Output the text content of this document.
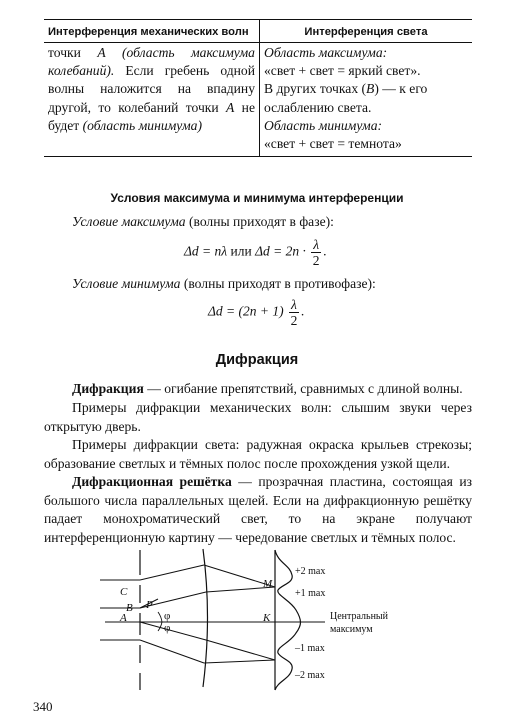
Интерференция механических волн	Интерференция света
точки A (область максимума колебаний). Если гребень одной волны наложится на впадину другой, то колебаний точки A не будет (область минимума)	Область максимума:
«свет + свет = яркий свет».
В других точках (B) — к его ослаблению света.
Область минимума:
«свет + свет = темнота»
Условия максимума и минимума интерференции
Условие максимума (волны приходят в фазе):
Δd = nλ или $\Delta d = 2n \cdot \frac{\lambda}{2}$ .
Условие минимума (волны приходят в противофазе):
$\Delta d = (2n + 1) \frac{\lambda}{2}$ .
Дифракция

Дифракция — огибание препятствий, сравнимых с длиной волны.

Примеры дифракции механических волн: слышим звуки через открытую дверь.

Примеры дифракции света: радужная окраска крыльев стрекозы; образование светлых и тёмных полос после прохождения узкой щели.

Дифракционная решётка — прозрачная пластина, состоящая из большого числа параллельных щелей. Если на дифракционную решётку падает монохроматический свет, то на экране получают интерференционную картину — чередование светлых и тёмных полос.

C
B
A
P
M
K
φ
φ
+2 max
+1 max
Центральный
максимум
–1 max
–2 max
340
